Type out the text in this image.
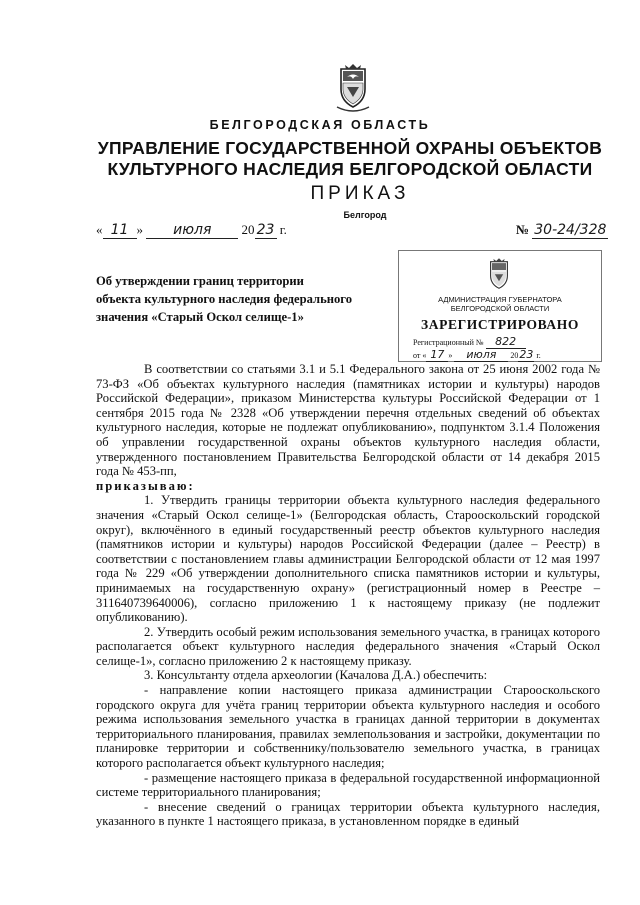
БЕЛГОРОДСКАЯ ОБЛАСТЬ
УПРАВЛЕНИЕ ГОСУДАРСТВЕННОЙ ОХРАНЫ ОБЪЕКТОВ
КУЛЬТУРНОГО НАСЛЕДИЯ БЕЛГОРОДСКОЙ ОБЛАСТИ
ПРИКАЗ
Белгород
« 11 » июля 20 23 г.	№ 30-24/328
АДМИНИСТРАЦИЯ ГУБЕРНАТОРА
БЕЛГОРОДСКОЙ ОБЛАСТИ
ЗАРЕГИСТРИРОВАНО
Регистрационный № 822
от « 17 » июля 2023 г.
Об утверждении границ территории
объекта культурного наследия федерального
значения «Старый Оскол селище-1»

В соответствии со статьями 3.1 и 5.1 Федерального закона от 25 июня 2002 года № 73-ФЗ «Об объектах культурного наследия (памятниках истории и культуры) народов Российской Федерации», приказом Министерства культуры Российской Федерации от 1 сентября 2015 года № 2328 «Об утверждении перечня отдельных сведений об объектах культурного наследия, которые не подлежат опубликованию», подпунктом 3.1.4 Положения об управлении государственной охраны объектов культурного наследия области, утвержденного постановлением Правительства Белгородской области от 14 декабря 2015 года № 453-пп,

приказываю:

1. Утвердить границы территории объекта культурного наследия федерального значения «Старый Оскол селище-1» (Белгородская область, Старооскольский городской округ), включённого в единый государственный реестр объектов культурного наследия (памятников истории и культуры) народов Российской Федерации (далее – Реестр) в соответствии с постановлением главы администрации Белгородской области от 12 мая 1997 года № 229 «Об утверждении дополнительного списка памятников истории и культуры, принимаемых на государственную охрану» (регистрационный номер в Реестре – 311640739640006), согласно приложению 1 к настоящему приказу (не подлежит опубликованию).

2. Утвердить особый режим использования земельного участка, в границах которого располагается объект культурного наследия федерального значения «Старый Оскол селище-1», согласно приложению 2 к настоящему приказу.

3. Консультанту отдела археологии (Качалова Д.А.) обеспечить:

- направление копии настоящего приказа администрации Старооскольского городского округа для учёта границ территории объекта культурного наследия и особого режима использования земельного участка в границах данной территории в документах территориального планирования, правилах землепользования и застройки, документации по планировке территории и собственнику/пользователю земельного участка, в границах которого располагается объект культурного наследия;

- размещение настоящего приказа в федеральной государственной информационной системе территориального планирования;

- внесение сведений о границах территории объекта культурного наследия, указанного в пункте 1 настоящего приказа, в установленном порядке в единый
